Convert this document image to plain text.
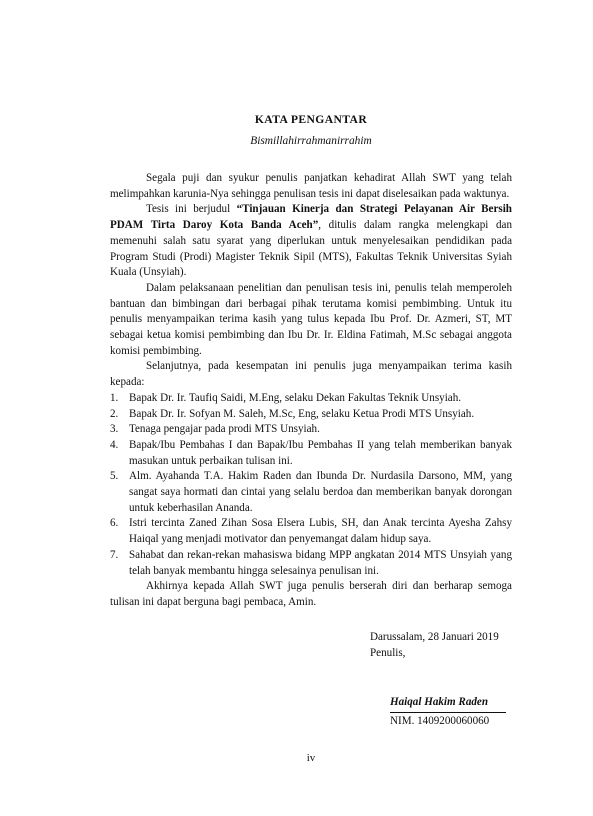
KATA PENGANTAR
Bismillahirrahmanirrahim

Segala puji dan syukur penulis panjatkan kehadirat Allah SWT yang telah melimpahkan karunia-Nya sehingga penulisan tesis ini dapat diselesaikan pada waktunya.

Tesis ini berjudul “Tinjauan Kinerja dan Strategi Pelayanan Air Bersih PDAM Tirta Daroy Kota Banda Aceh”, ditulis dalam rangka melengkapi dan memenuhi salah satu syarat yang diperlukan untuk menyelesaikan pendidikan pada Program Studi (Prodi) Magister Teknik Sipil (MTS), Fakultas Teknik Universitas Syiah Kuala (Unsyiah).

Dalam pelaksanaan penelitian dan penulisan tesis ini, penulis telah memperoleh bantuan dan bimbingan dari berbagai pihak terutama komisi pembimbing. Untuk itu penulis menyampaikan terima kasih yang tulus kepada Ibu Prof. Dr. Azmeri, ST, MT sebagai ketua komisi pembimbing dan Ibu Dr. Ir. Eldina Fatimah, M.Sc sebagai anggota komisi pembimbing.

Selanjutnya, pada kesempatan ini penulis juga menyampaikan terima kasih kepada:

1. Bapak Dr. Ir. Taufiq Saidi, M.Eng, selaku Dekan Fakultas Teknik Unsyiah.
2. Bapak Dr. Ir. Sofyan M. Saleh, M.Sc, Eng, selaku Ketua Prodi MTS Unsyiah.
3. Tenaga pengajar pada prodi MTS Unsyiah.
4. Bapak/Ibu Pembahas I dan Bapak/Ibu Pembahas II yang telah memberikan banyak masukan untuk perbaikan tulisan ini.
5. Alm. Ayahanda T.A. Hakim Raden dan Ibunda Dr. Nurdasila Darsono, MM, yang sangat saya hormati dan cintai yang selalu berdoa dan memberikan banyak dorongan untuk keberhasilan Ananda.
6. Istri tercinta Zaned Zihan Sosa Elsera Lubis, SH, dan Anak tercinta Ayesha Zahsy Haiqal yang menjadi motivator dan penyemangat dalam hidup saya.
7. Sahabat dan rekan-rekan mahasiswa bidang MPP angkatan 2014 MTS Unsyiah yang telah banyak membantu hingga selesainya penulisan ini.

Akhirnya kepada Allah SWT juga penulis berserah diri dan berharap semoga tulisan ini dapat berguna bagi pembaca, Amin.

Darussalam, 28 Januari 2019
Penulis,
Haiqal Hakim Raden
NIM. 1409200060060
iv
